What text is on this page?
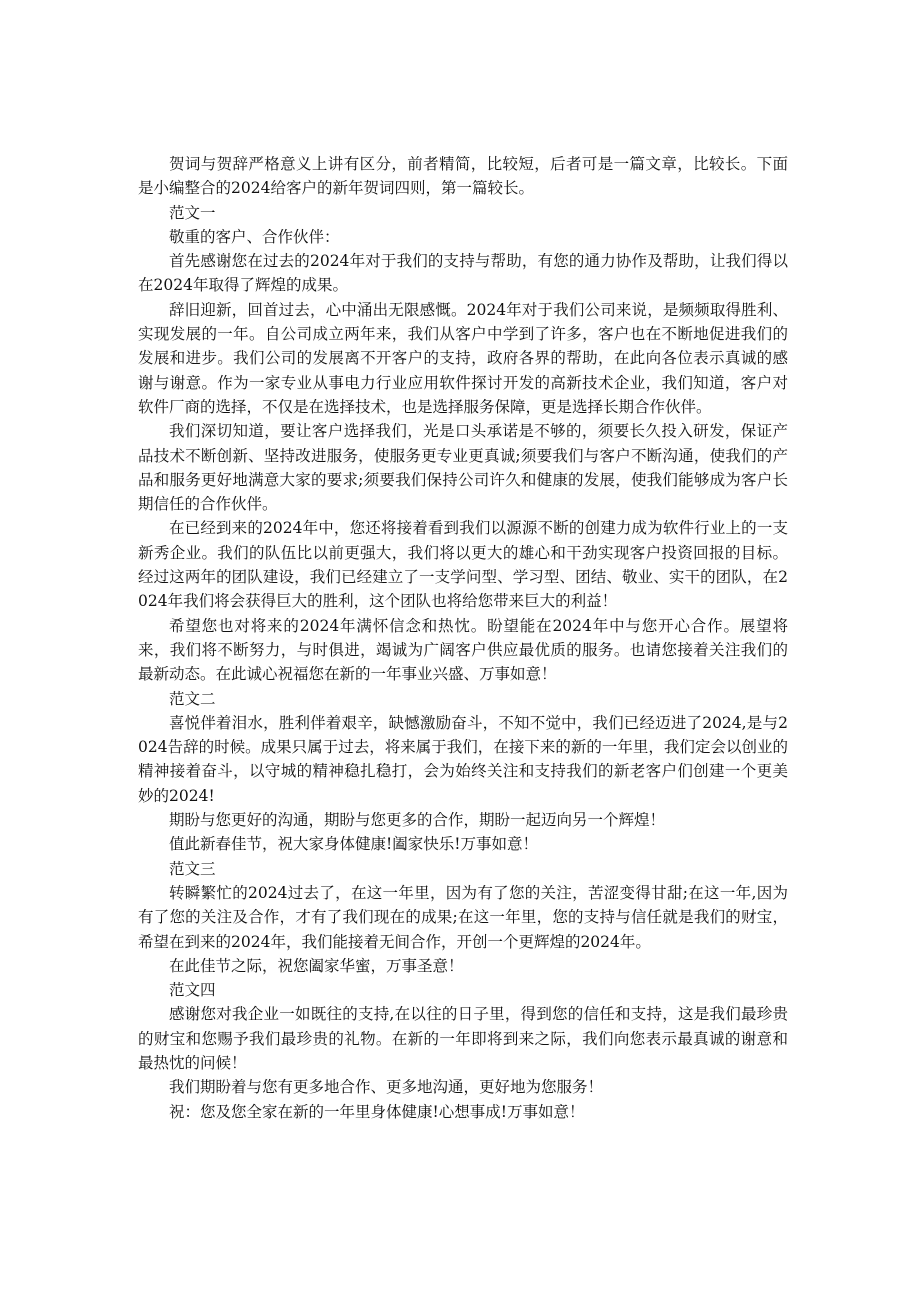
贺词与贺辞严格意义上讲有区分，前者精简，比较短，后者可是一篇文章，比较长。下面是小编整合的2024给客户的新年贺词四则，第一篇较长。

范文一

敬重的客户、合作伙伴：

首先感谢您在过去的2024年对于我们的支持与帮助，有您的通力协作及帮助，让我们得以在2024年取得了辉煌的成果。

辞旧迎新，回首过去，心中涌出无限感慨。2024年对于我们公司来说，是频频取得胜利、实现发展的一年。自公司成立两年来，我们从客户中学到了许多，客户也在不断地促进我们的发展和进步。我们公司的发展离不开客户的支持，政府各界的帮助，在此向各位表示真诚的感谢与谢意。作为一家专业从事电力行业应用软件探讨开发的高新技术企业，我们知道，客户对软件厂商的选择，不仅是在选择技术，也是选择服务保障，更是选择长期合作伙伴。

我们深切知道，要让客户选择我们，光是口头承诺是不够的，须要长久投入研发，保证产品技术不断创新、坚持改进服务，使服务更专业更真诚;须要我们与客户不断沟通，使我们的产品和服务更好地满意大家的要求;须要我们保持公司许久和健康的发展，使我们能够成为客户长期信任的合作伙伴。

在已经到来的2024年中，您还将接着看到我们以源源不断的创建力成为软件行业上的一支新秀企业。我们的队伍比以前更强大，我们将以更大的雄心和干劲实现客户投资回报的目标。经过这两年的团队建设，我们已经建立了一支学问型、学习型、团结、敬业、实干的团队，在2024年我们将会获得巨大的胜利，这个团队也将给您带来巨大的利益！

希望您也对将来的2024年满怀信念和热忱。盼望能在2024年中与您开心合作。展望将来，我们将不断努力，与时俱进，竭诚为广阔客户供应最优质的服务。也请您接着关注我们的最新动态。在此诚心祝福您在新的一年事业兴盛、万事如意！

范文二

喜悦伴着泪水，胜利伴着艰辛，缺憾激励奋斗，不知不觉中，我们已经迈进了2024,是与2024告辞的时候。成果只属于过去，将来属于我们，在接下来的新的一年里，我们定会以创业的精神接着奋斗，以守城的精神稳扎稳打，会为始终关注和支持我们的新老客户们创建一个更美妙的2024!

期盼与您更好的沟通，期盼与您更多的合作，期盼一起迈向另一个辉煌！

值此新春佳节，祝大家身体健康!阖家快乐!万事如意！

范文三

转瞬繁忙的2024过去了，在这一年里，因为有了您的关注，苦涩变得甘甜;在这一年,因为有了您的关注及合作，才有了我们现在的成果;在这一年里，您的支持与信任就是我们的财宝，希望在到来的2024年，我们能接着无间合作，开创一个更辉煌的2024年。

在此佳节之际，祝您阖家华蜜，万事圣意！

范文四

感谢您对我企业一如既往的支持,在以往的日子里，得到您的信任和支持，这是我们最珍贵的财宝和您赐予我们最珍贵的礼物。在新的一年即将到来之际，我们向您表示最真诚的谢意和最热忱的问候！

我们期盼着与您有更多地合作、更多地沟通，更好地为您服务！

祝：您及您全家在新的一年里身体健康!心想事成!万事如意！
